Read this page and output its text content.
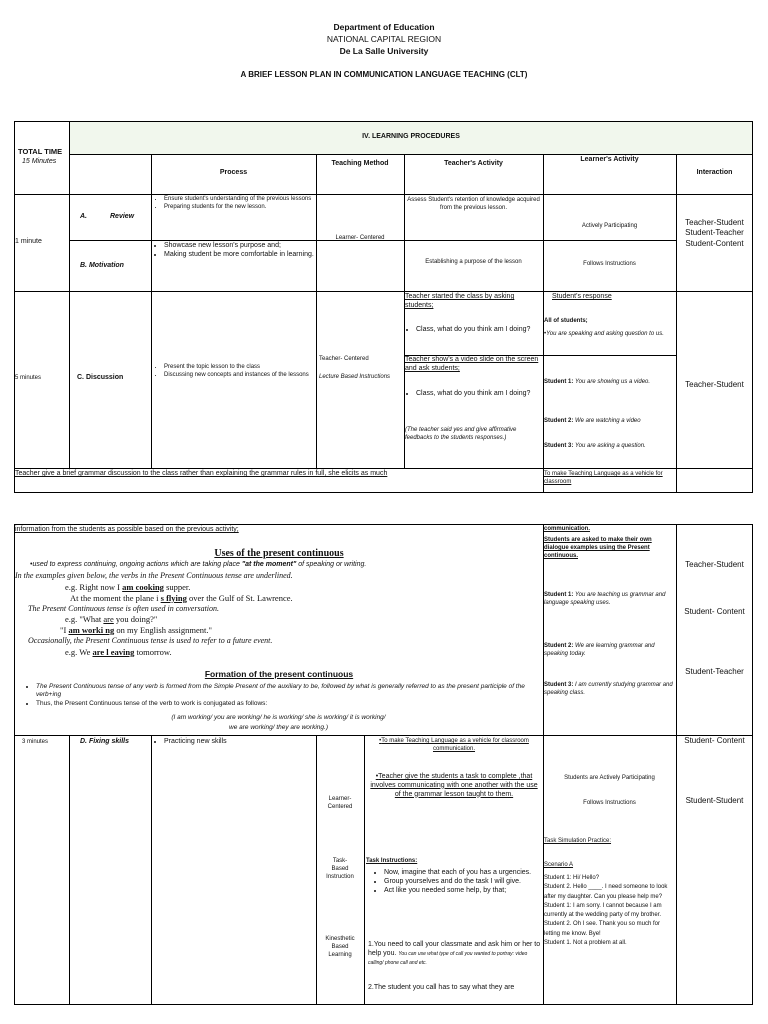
Department of Education
NATIONAL CAPITAL REGION
De La Salle University
A BRIEF LESSON PLAN IN COMMUNICATION LANGUAGE TEACHING (CLT)
TOTAL TIME
15 Minutes
IV. LEARNING PROCEDURES
Process
Teaching Method	Teacher's Activity
Learner's Activity
Interaction
1 minute
A.	Review
• Ensure student's understanding of the previous lessons
• Preparing students for the new lesson.
B. Motivation
• Showcase new lesson's purpose and;
• Making student be more comfortable in learning.
Learner- Centered
Assess Student's retention of knowledge acquired from the previous lesson.
Establishing a purpose of the lesson
Actively Participating
Follows Instructions
Teacher-Student
Student-Teacher
Student-Content
5 minutes	C. Discussion
• Present the topic lesson to the class
• Discussing new concepts and instances of the lessons
Teacher- Centered
Lecture Based Instructions
Teacher started the class by asking students;
• Class, what do you think am I doing?
Teacher show's a video slide on the screen and ask students;
• Class, what do you think am I doing?
(The teacher said yes and give affirmative feedbacks to the students responses.)
Student's response
All of students;
•You are speaking and asking question to us.
Student 1: You are showing us a video.
Student 2: We are watching a video
Student 3: You are asking a question.
Teacher-Student
Teacher give a brief grammar discussion to the class rather than explaining the grammar rules in full, she elicits as much	To make Teaching Language as a vehicle for classroom
information from the students as possible based on the previous activity;
Uses of the present continuous
•used to express continuing, ongoing actions which are taking place "at the moment" of speaking or writing.
In the examples given below, the verbs in the Present Continuous tense are underlined.
e.g. Right now I am cooking supper.
At the moment the plane i s flying over the Gulf of St. Lawrence.
The Present Continuous tense is often used in conversation.
e.g. "What are you doing?"
"I am worki ng on my English assignment."
Occasionally, the Present Continuous tense is used to refer to a future event.
e.g. We are l eaving tomorrow.
Formation of the present continuous
• The Present Continuous tense of any verb is formed from the Simple Present of the auxiliary to be, followed by what is generally referred to as the present participle of the verb+ing
• Thus, the Present Continuous tense of the verb to work is conjugated as follows:
(I am working/ you are working/ he is working/ she is working/ it is working/
we are working/ they are working.)
communication.
Students are asked to make their own dialogue examples using the Present continuous.
Student 1: You are teaching us grammar and language speaking uses.
Student 2: We are learning grammar and speaking today.
Student 3: I am currently studying grammar and speaking class.
Teacher-Student
Student- Content
Student-Teacher
3 minutes	D. Fixing skills
•	Practicing new skills
Learner-
Centered
Task-
Based
Instruction
Kinesthetic
Based
Learning
•To make Teaching Language as a vehicle for classroom communication.
•Teacher give the students a task to complete ,that involves communicating with one another with the use of the grammar lesson taught to them.
Task Instructions:
• Now, imagine that each of you has a urgencies.
• Group yourselves and do the task I will give.
• Act like you needed some help, by that;
1.You need to call your classmate and ask him or her to help you. You can use what type of call you wanted to portray: video calling/ phone call and etc.
2.The student you call has to say what they are
Students are Actively Participating
Follows Instructions
Task Simulation Practice:
Scenario A
Student 1: Hi/ Hello?
Student 2. Hello ____. I need someone to look after my daughter. Can you please help me?
Student 1: I am sorry. I cannot because I am currently at the wedding party of my brother.
Student 2. Oh I see. Thank you so much for letting me know. Bye!
Student 1. Not a problem at all.
Student- Content
Student-Student
